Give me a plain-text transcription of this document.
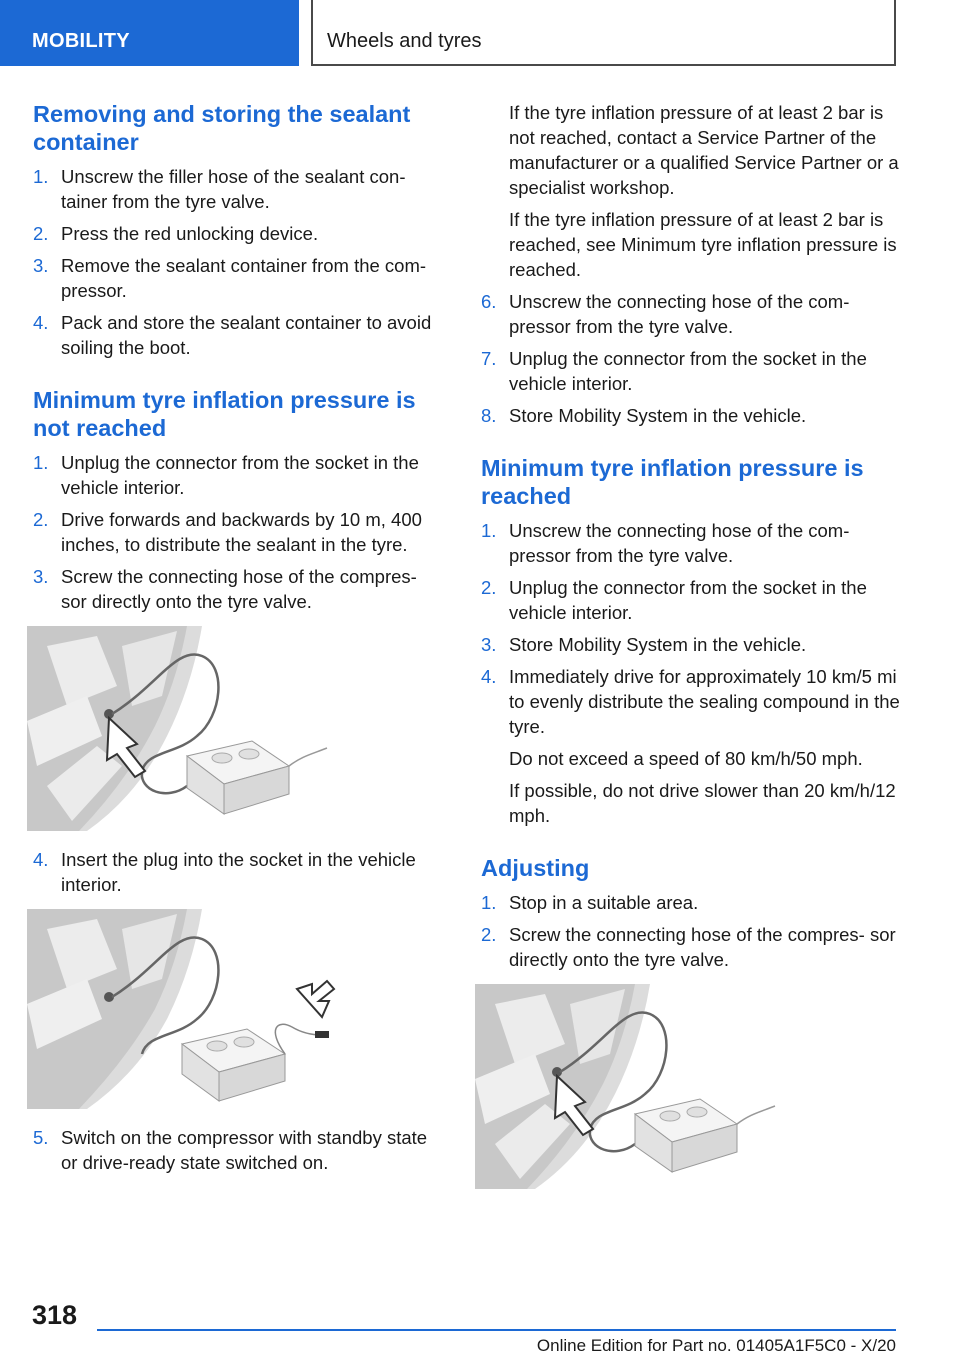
MOBILITY	Wheels and tyres
Removing and storing the sealant container
1. Unscrew the filler hose of the sealant con‐ tainer from the tyre valve.
2. Press the red unlocking device.
3. Remove the sealant container from the com‐ pressor.
4. Pack and store the sealant container to avoid soiling the boot.
Minimum tyre inflation pressure is not reached
1. Unplug the connector from the socket in the vehicle interior.
2. Drive forwards and backwards by 10 m, 400 inches, to distribute the sealant in the tyre.
3. Screw the connecting hose of the compres‐ sor directly onto the tyre valve.
4. Insert the plug into the socket in the vehicle interior.
5. Switch on the compressor with standby state or drive-ready state switched on.

If the tyre inflation pressure of at least 2 bar is not reached, contact a Service Partner of the manufacturer or a qualified Service Partner or a specialist workshop.

If the tyre inflation pressure of at least 2 bar is reached, see Minimum tyre inflation pressure is reached.

6. Unscrew the connecting hose of the com‐ pressor from the tyre valve.
7. Unplug the connector from the socket in the vehicle interior.
8. Store Mobility System in the vehicle.
Minimum tyre inflation pressure is reached
1. Unscrew the connecting hose of the com‐ pressor from the tyre valve.
2. Unplug the connector from the socket in the vehicle interior.
3. Store Mobility System in the vehicle.
4. Immediately drive for approximately 10 km/5 mi to evenly distribute the sealing compound in the tyre.

Do not exceed a speed of 80 km/h/50 mph.

If possible, do not drive slower than 20 km/h/12 mph.

Adjusting
1. Stop in a suitable area.
2. Screw the connecting hose of the compres‐ sor directly onto the tyre valve.
318
Online Edition for Part no. 01405A1F5C0 - X/20
